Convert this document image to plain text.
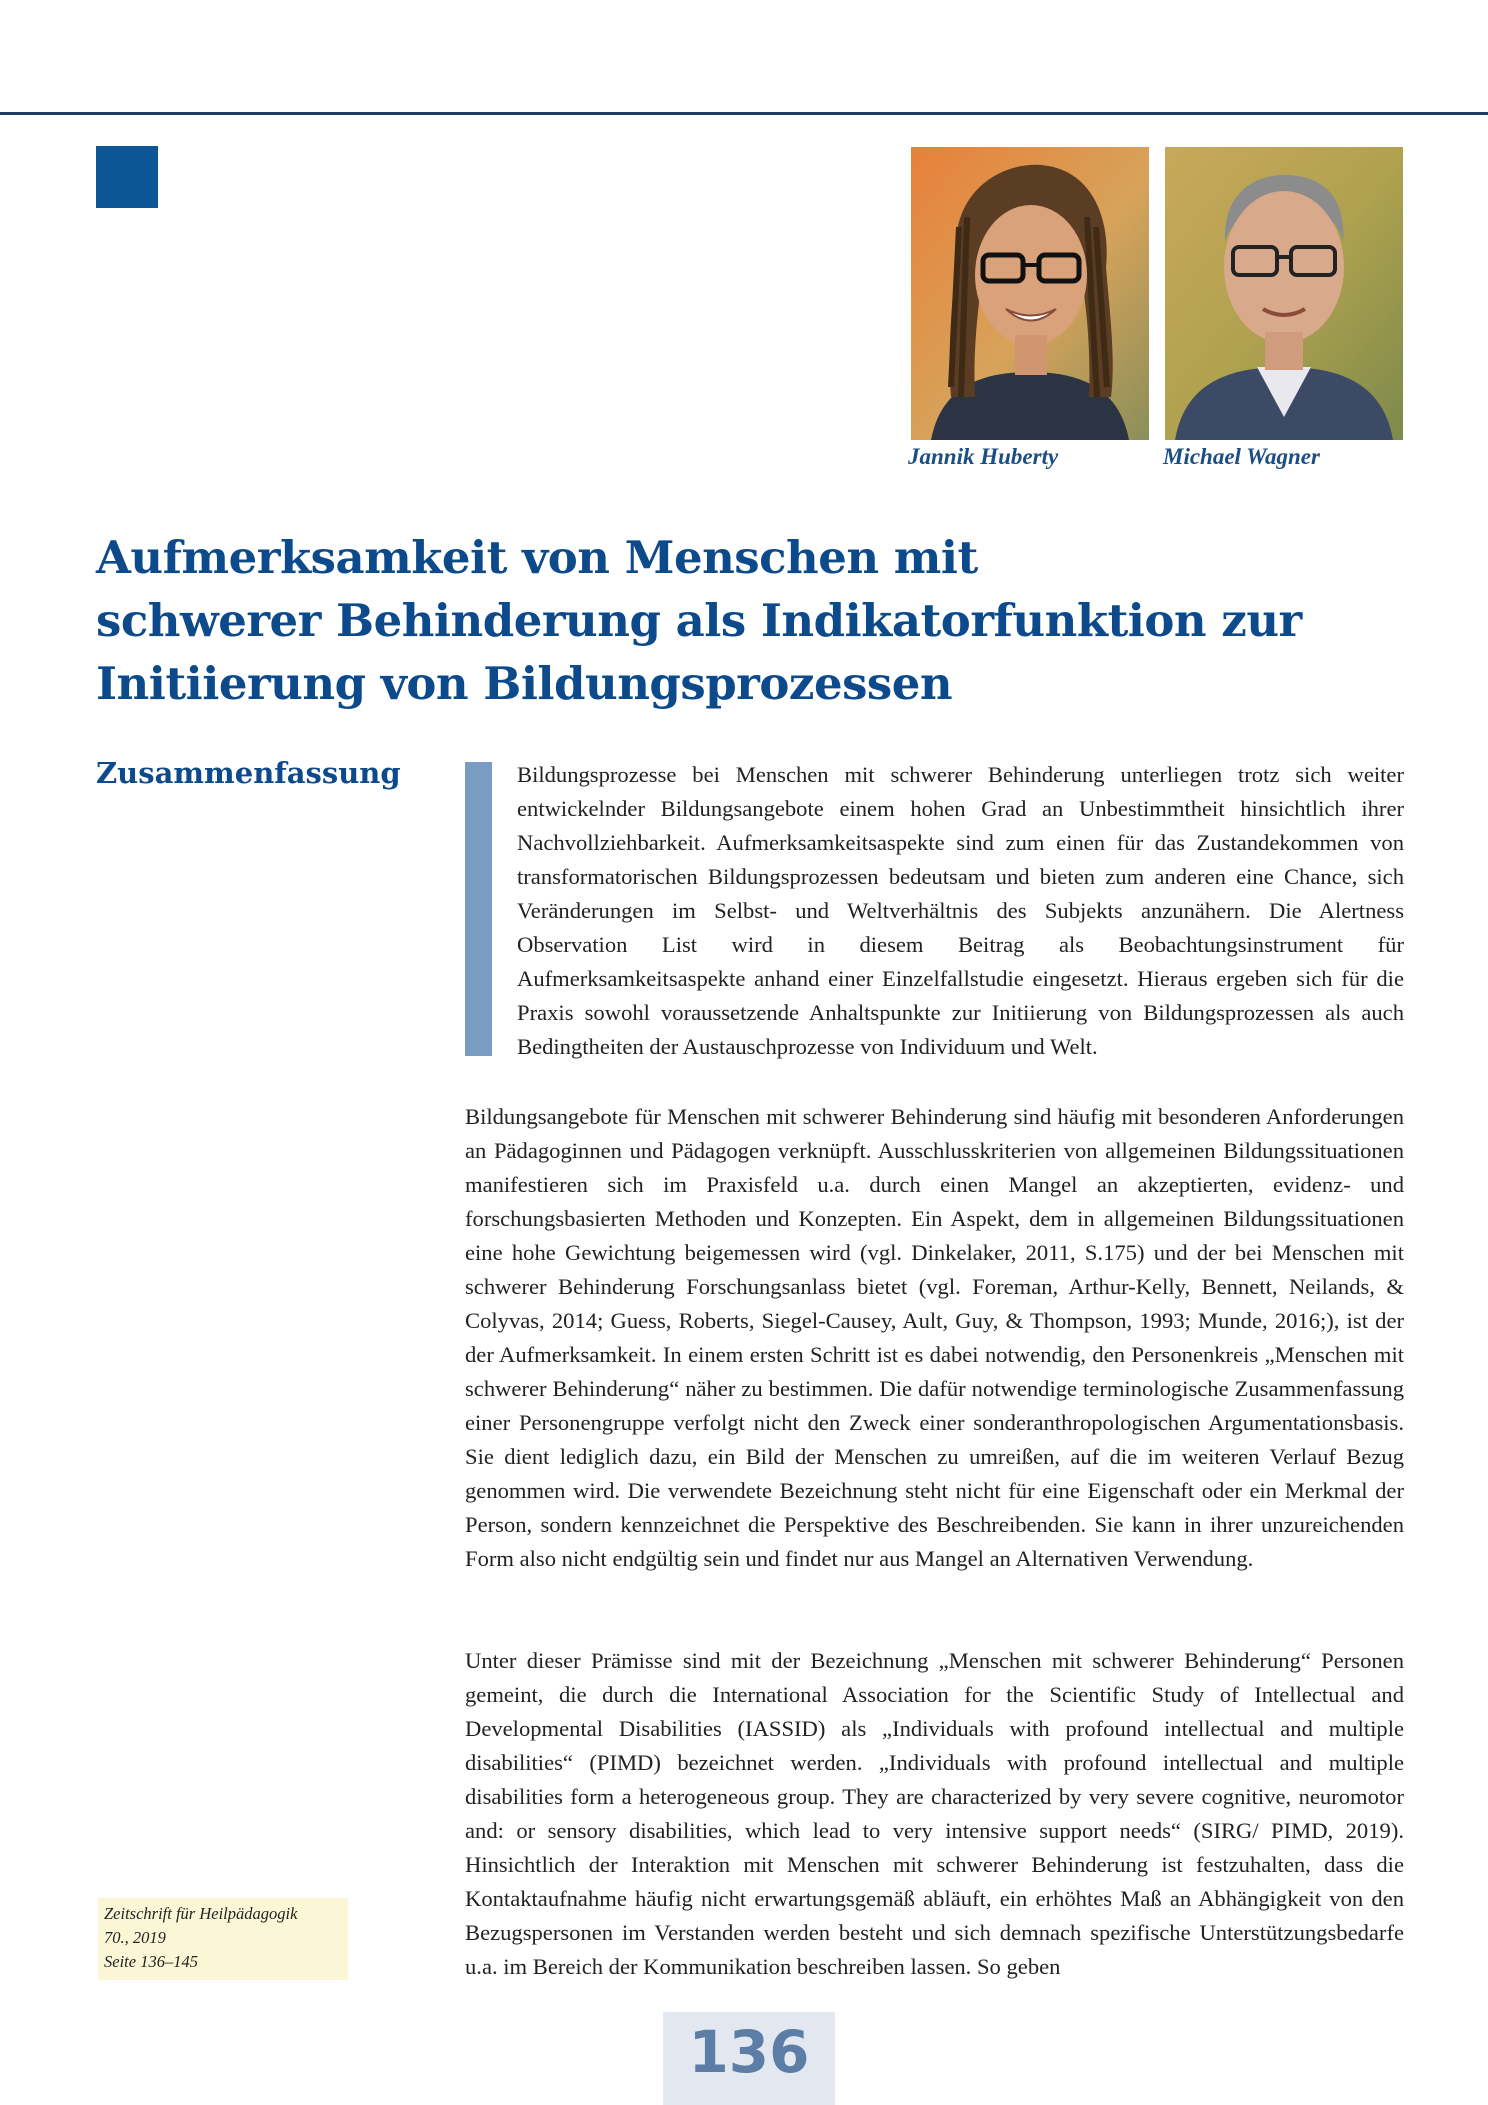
Jannik Huberty	Michael Wagner
Aufmerksamkeit von Menschen mit
schwerer Behinderung als Indikatorfunktion zur
Initiierung von Bildungsprozessen
Zusammenfassung	Bildungsprozesse bei Menschen mit schwerer Behinderung unterliegen trotz sich weiter entwickelnder Bildungsangebote einem hohen Grad an Unbestimmtheit hinsichtlich ihrer Nachvollziehbarkeit. Aufmerksamkeitsaspekte sind zum einen für das Zustandekommen von transformatorischen Bildungsprozessen bedeutsam und bieten zum anderen eine Chance, sich Veränderungen im Selbst- und Weltverhältnis des Subjekts anzunähern. Die Alertness Observation List wird in diesem Beitrag als Beobachtungsinstrument für Aufmerksamkeitsaspekte anhand einer Einzelfallstudie eingesetzt. Hieraus ergeben sich für die Praxis sowohl voraussetzende Anhaltspunkte zur Initiierung von Bildungsprozessen als auch Bedingtheiten der Austauschprozesse von Individuum und Welt.

Bildungsangebote für Menschen mit schwerer Behinderung sind häufig mit besonderen Anforderungen an Pädagoginnen und Pädagogen verknüpft. Ausschlusskriterien von allgemeinen Bildungssituationen manifestieren sich im Praxisfeld u.a. durch einen Mangel an akzeptierten, evidenz- und forschungsbasierten Methoden und Konzepten. Ein Aspekt, dem in allgemeinen Bildungssituationen eine hohe Gewichtung beigemessen wird (vgl. Dinkelaker, 2011, S.175) und der bei Menschen mit schwerer Behinderung Forschungsanlass bietet (vgl. Foreman, Arthur-Kelly, Bennett, Neilands, & Colyvas, 2014; Guess, Roberts, Siegel-Causey, Ault, Guy, & Thompson, 1993; Munde, 2016;), ist der der Aufmerksamkeit. In einem ersten Schritt ist es dabei notwendig, den Personenkreis „Menschen mit schwerer Behinderung“ näher zu bestimmen. Die dafür notwendige terminologische Zusammenfassung einer Personengruppe verfolgt nicht den Zweck einer sonderanthropologischen Argumentationsbasis. Sie dient lediglich dazu, ein Bild der Menschen zu umreißen, auf die im weiteren Verlauf Bezug genommen wird. Die verwendete Bezeichnung steht nicht für eine Eigenschaft oder ein Merkmal der Person, sondern kennzeichnet die Perspektive des Beschreibenden. Sie kann in ihrer unzureichenden Form also nicht endgültig sein und findet nur aus Mangel an Alternativen Verwendung.

Unter dieser Prämisse sind mit der Bezeichnung „Menschen mit schwerer Behinderung“ Personen gemeint, die durch die International Association for the Scientific Study of Intellectual and Developmental Disabilities (IASSID) als „Individuals with profound intellectual and multiple disabilities“ (PIMD) bezeichnet werden. „Individuals with profound intellectual and multiple disabilities form a heterogeneous group. They are characterized by very severe cognitive, neuromotor and: or sensory disabilities, which lead to very intensive support needs“ (SIRG/ PIMD, 2019). Hinsichtlich der Interaktion mit Menschen mit schwerer Behinderung ist festzuhalten, dass die Kontaktaufnahme häufig nicht erwartungsgemäß abläuft, ein erhöhtes Maß an Abhängigkeit von den Bezugspersonen im Verstanden werden besteht und sich demnach spezifische Unterstützungsbedarfe u.a. im Bereich der Kommunikation beschreiben lassen. So geben

Zeitschrift für Heilpädagogik
70., 2019
Seite 136–145
136
